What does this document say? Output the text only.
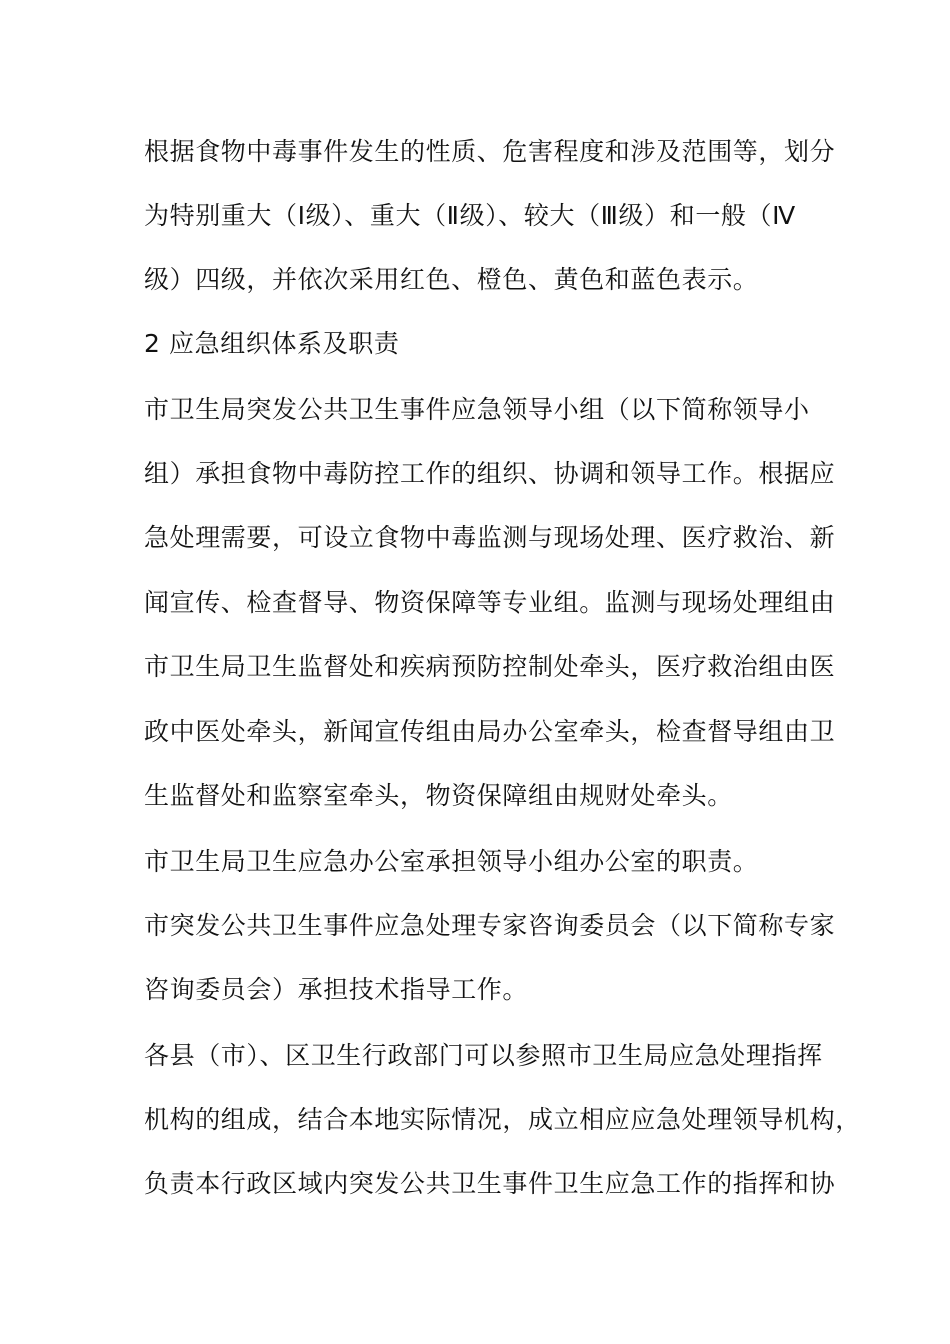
根据食物中毒事件发生的性质、危害程度和涉及范围等，划分
为特别重大（Ⅰ级）、重大（Ⅱ级）、较大（Ⅲ级）和一般（Ⅳ
级）四级，并依次采用红色、橙色、黄色和蓝色表示。
2 应急组织体系及职责
市卫生局突发公共卫生事件应急领导小组（以下简称领导小
组）承担食物中毒防控工作的组织、协调和领导工作。根据应
急处理需要，可设立食物中毒监测与现场处理、医疗救治、新
闻宣传、检查督导、物资保障等专业组。监测与现场处理组由
市卫生局卫生监督处和疾病预防控制处牵头，医疗救治组由医
政中医处牵头，新闻宣传组由局办公室牵头，检查督导组由卫
生监督处和监察室牵头，物资保障组由规财处牵头。
市卫生局卫生应急办公室承担领导小组办公室的职责。
市突发公共卫生事件应急处理专家咨询委员会（以下简称专家
咨询委员会）承担技术指导工作。
各县（市）、区卫生行政部门可以参照市卫生局应急处理指挥
机构的组成，结合本地实际情况，成立相应应急处理领导机构，
负责本行政区域内突发公共卫生事件卫生应急工作的指挥和协
